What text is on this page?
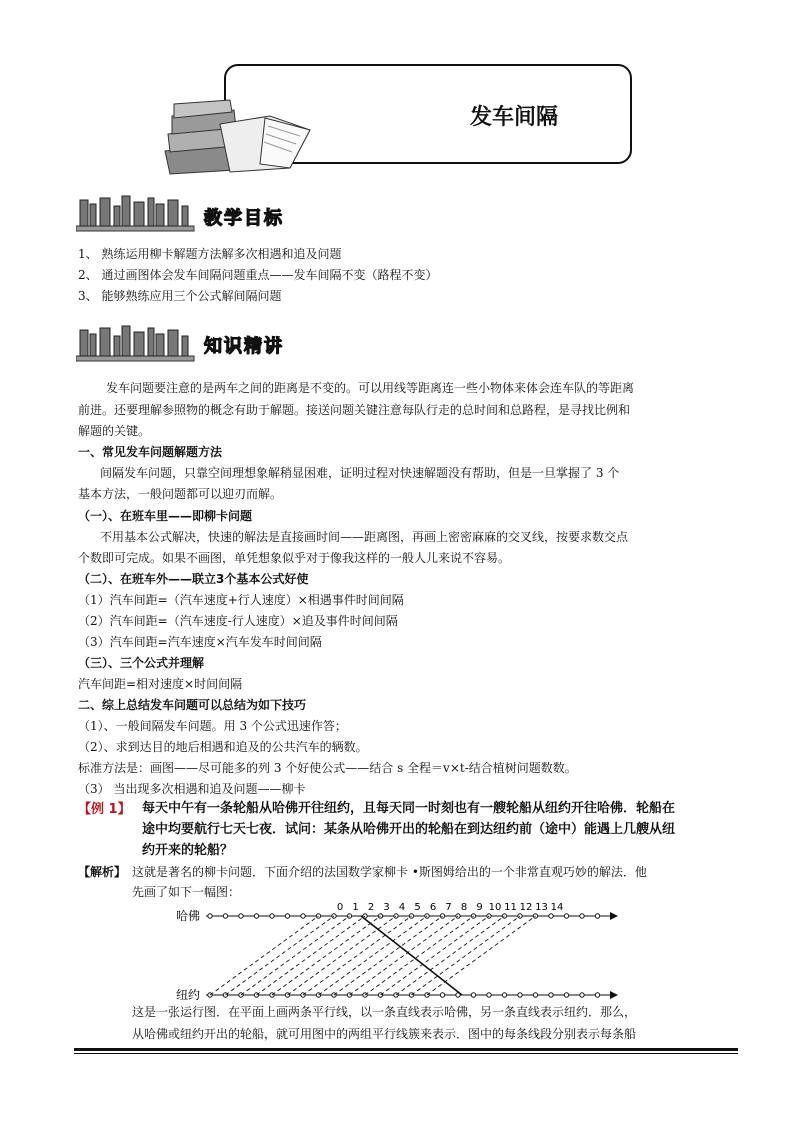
发车间隔
教学目标
1、 熟练运用柳卡解题方法解多次相遇和追及问题
2、 通过画图体会发车间隔问题重点——发车间隔不变（路程不变）
3、 能够熟练应用三个公式解间隔问题
知识精讲
发车问题要注意的是两车之间的距离是不变的。可以用线等距离连一些小物体来体会连车队的等距离
前进。还要理解参照物的概念有助于解题。接送问题关键注意每队行走的总时间和总路程，是寻找比例和
解题的关键。
一、常见发车问题解题方法
间隔发车问题，只靠空间理想象解稍显困难，证明过程对快速解题没有帮助，但是一旦掌握了 3 个
基本方法，一般问题都可以迎刃而解。
（一）、在班车里——即柳卡问题
不用基本公式解决，快速的解法是直接画时间——距离图，再画上密密麻麻的交叉线，按要求数交点
个数即可完成。如果不画图，单凭想象似乎对于像我这样的一般人儿来说不容易。
（二）、在班车外——联立3个基本公式好使
（1）汽车间距=（汽车速度+行人速度）×相遇事件时间间隔
（2）汽车间距=（汽车速度-行人速度）×追及事件时间间隔
（3）汽车间距=汽车速度×汽车发车时间间隔
（三）、三个公式并理解
汽车间距=相对速度×时间间隔
二、综上总结发车问题可以总结为如下技巧
（1）、一般间隔发车问题。用 3 个公式迅速作答；
（2）、求到达目的地后相遇和追及的公共汽车的辆数。
标准方法是：画图——尽可能多的列 3 个好使公式——结合 s 全程＝v×t-结合植树问题数数。
（3） 当出现多次相遇和追及问题——柳卡
【例 1】 每天中午有一条轮船从哈佛开往纽约，且每天同一时刻也有一艘轮船从纽约开往哈佛．轮船在
途中均要航行七天七夜．试问：某条从哈佛开出的轮船在到达纽约前（途中）能遇上几艘从纽
约开来的轮船？
【解析】 这就是著名的柳卡问题．下面介绍的法国数学家柳卡 •斯图姆给出的一个非常直观巧妙的解法．他
先画了如下一幅图：
哈佛
纽约
0 1 2 3 4 5 6 7 8 9 10 11 12 13 14
这是一张运行图．在平面上画两条平行线，以一条直线表示哈佛，另一条直线表示纽约．那么，
从哈佛或纽约开出的轮船，就可用图中的两组平行线簇来表示．图中的每条线段分别表示每条船
